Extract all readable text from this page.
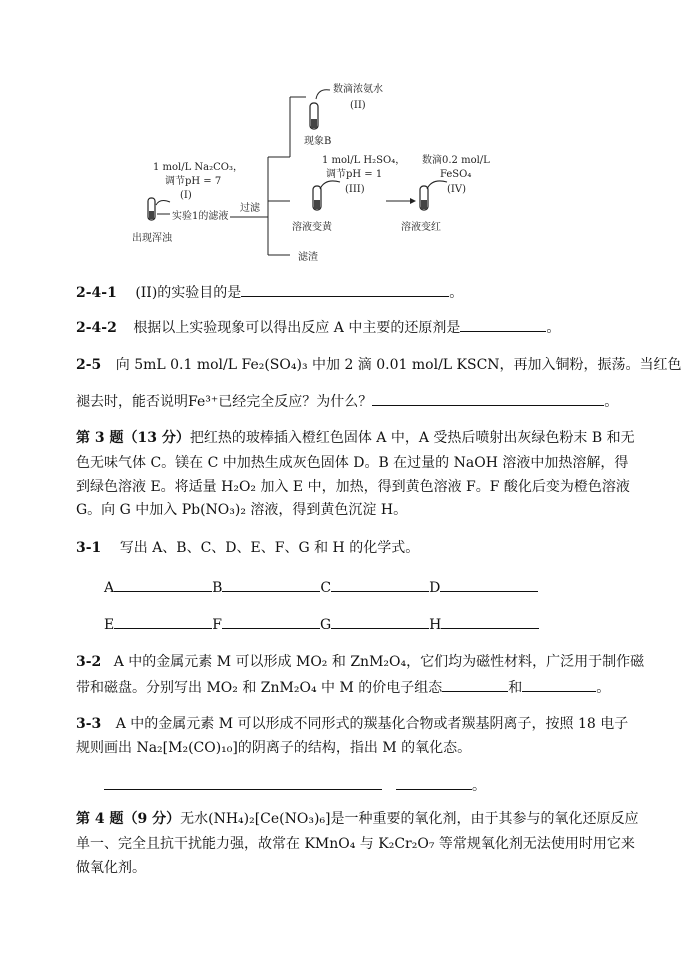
数滴浓氨水
(II)
现象B
1 mol/L Na₂CO₃，
调节pH = 7
(I)
实验1的滤液
出现浑浊
过滤
1 mol/L H₂SO₄，
调节pH = 1
(III)
溶液变黄
数滴0.2 mol/L
FeSO₄
(IV)
溶液变红
滤渣
2-4-1 (II)的实验目的是	。
2-4-2 根据以上实验现象可以得出反应 A 中主要的还原剂是	。
2-5 向 5mL 0.1 mol/L Fe₂(SO₄)₃ 中加 2 滴 0.01 mol/L KSCN，再加入铜粉，振荡。当红色
褪去时，能否说明Fe³⁺已经完全反应？为什么？	。
第 3 题（13 分）把红热的玻棒插入橙红色固体 A 中，A 受热后喷射出灰绿色粉末 B 和无
色无味气体 C。镁在 C 中加热生成灰色固体 D。B 在过量的 NaOH 溶液中加热溶解，得
到绿色溶液 E。将适量 H₂O₂ 加入 E 中，加热，得到黄色溶液 F。F 酸化后变为橙色溶液
G。向 G 中加入 Pb(NO₃)₂ 溶液，得到黄色沉淀 H。
3-1 写出 A、B、C、D、E、F、G 和 H 的化学式。
A	B	C	D
E	F	G	H
3-2 A 中的金属元素 M 可以形成 MO₂ 和 ZnM₂O₄，它们均为磁性材料，广泛用于制作磁
带和磁盘。分别写出 MO₂ 和 ZnM₂O₄ 中 M 的价电子组态	和	。
3-3 A 中的金属元素 M 可以形成不同形式的羰基化合物或者羰基阴离子，按照 18 电子
规则画出 Na₂[M₂(CO)₁₀]的阴离子的结构，指出 M 的氧化态。
。
第 4 题（9 分）无水(NH₄)₂[Ce(NO₃)₆]是一种重要的氧化剂，由于其参与的氧化还原反应
单一、完全且抗干扰能力强，故常在 KMnO₄ 与 K₂Cr₂O₇ 等常规氧化剂无法使用时用它来
做氧化剂。
